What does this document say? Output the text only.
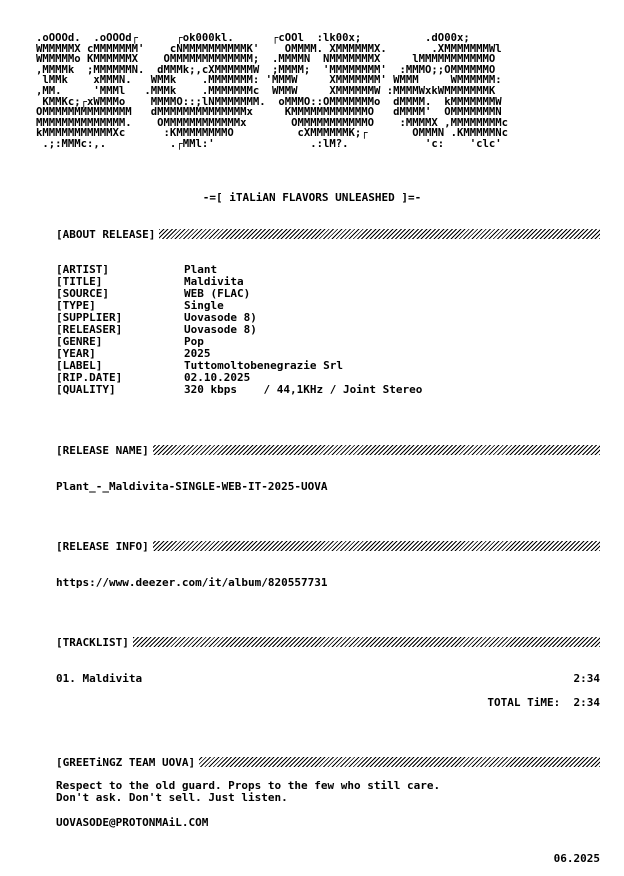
.oOOOd.  .oOOOd┌      ┌ok000kl.      ┌cOOl  :lk00x;          .dO00x;
WMMMMMX cMMMMMMM'    cNMMMMMMMMMMK'    OMMMM. XMMMMMMX.       .XMMMMMMMWl
WMMMMMo KMMMMMMX    OMMMMMMMMMMMMM;  .MMMMN  NMMMMMMMX     lMMMMMMMMMMMO
,MMMMk  ;MMMMMMN.  dMMMk;,cXMMMMMMW  ;MMMM;  'MMMMMMMM'  :MMMO;;OMMMMMMO
lMMk    xMMMN.   WMMk    .MMMMMMM: 'MMMW     XMMMMMMM' WMMM     WMMMMMM:
,MM.     'MMMl   .MMMk    .MMMMMMMc  WMMW     XMMMMMMW :MMMMWxkWMMMMMMMK
KMMKc;┌xWMMMo    MMMMO::;lNMMMMMMM.  oMMMO::OMMMMMMMo  dMMMM.  kMMMMMMMW
OMMMMMMMMMMMMMM   dMMMMMMMMMMMMMMx     KMMMMMMMMMMMMO   dMMMM'  OMMMMMMMN
MMMMMMMMMMMMMM.    OMMMMMMMMMMMMx       OMMMMMMMMMMMO    :MMMMX ,MMMMMMMMc
kMMMMMMMMMMMXc      :KMMMMMMMMO          cXMMMMMMK;┌       OMMMN .KMMMMMNc
.;:MMMc:,.          .┌MMl:'               .:lM?.            'c:    'clc'
-=[ iTALiAN FLAVORS UNLEASHED ]=-
[ABOUT RELEASE]
[ARTIST]	Plant
[TITLE]	Maldivita
[SOURCE]	WEB (FLAC)
[TYPE]	Single
[SUPPLIER]	Uovasode 8)
[RELEASER]	Uovasode 8)
[GENRE]	Pop
[YEAR]	2025
[LABEL]	Tuttomoltobenegrazie Srl
[RIP.DATE]	02.10.2025
[QUALITY]	320 kbps    / 44,1KHz / Joint Stereo
[RELEASE NAME]
Plant_-_Maldivita-SINGLE-WEB-IT-2025-UOVA
[RELEASE INFO]
https://www.deezer.com/it/album/820557731
[TRACKLIST]
01. Maldivita	2:34
TOTAL TiME: 2:34
[GREETiNGZ TEAM UOVA]
Respect to the old guard. Props to the few who still care.
Don't ask. Don't sell. Just listen.
UOVASODE@PROTONMAiL.COM
06.2025
